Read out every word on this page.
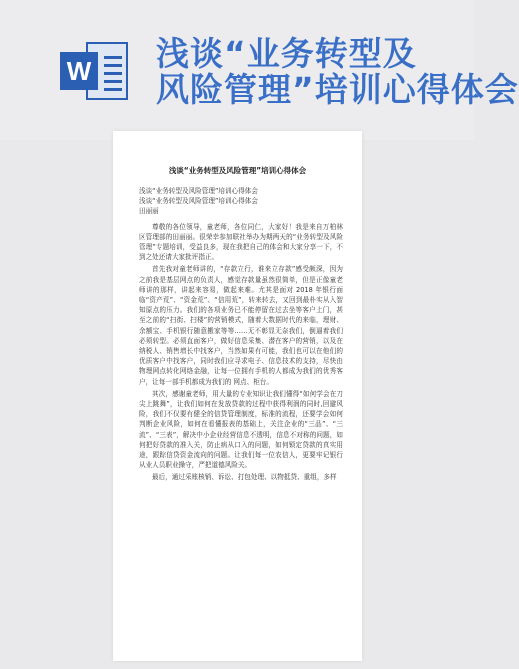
W 浅谈“业务转型及
风险管理”培训心得体会
浅谈“业务转型及风险管理”培训心得体会

浅谈“业务转型及风险管理”培训心得体会

浅谈“业务转型及风险管理”培训心得体会

田丽丽

尊敬的各位领导，童老师，各位同仁，大家好！我是来自万柏林区管理部的田丽丽。很荣幸参加联社举办为期两天的“业务转型及风险管理”专题培训，受益良多，现在我把自己的体会和大家分享一下，不到之处还请大家批评指正。

首先我对童老师讲的，“存款立行，谁来立存款”感受颇深，因为之前我是基层网点的负责人，感觉存款量虽然很简单，但是正像童老师讲的那样，讲起来容易，做起来难。尤其是面对 2018 年银行面临“资产荒”、“资金荒”、“信用荒”，转来转去，又回到最朴实从入智知原点的压力。我们的各项业务已不能停留在过去坐等客户上门，甚至之前的“扫街、扫楼”的营销模式，随着大数据时代的来临，理财、余额宝、手机银行随意搬家等等……无不彰显无奈我们，倒逼着我们必须转型。必须直面客户，做好信息采集、潜在客户的营销，以及在纳税人、销售增长中找客户，当然如果有可能，我们也可以在他们的优质客户中找客户，同时我们应寻求电子、信息技术的支持，尽快由物理网点转化网络金融，让每一位拥有手机的人都成为我们的优秀客户，让每一部手机都成为我们的 网点、柜台。

其次，感谢童老师，用大量的专业知识让我们懂得“如何学会在刀尖上跳舞”，让我们如何在发放贷款的过程中获得利润的同时,回避风险，我们不仅要有健全的信贷管理制度，标准的流程，还要学会如何判断企业风险，如何在看懂报表的基础上，关注企业的“三品”、“三流”、“三表”，解决中小企业经营信息不透明，信息不对称的问题，如何把好贷款的准入关，防止病从口入的问题，如何锁定贷款的真实用途，跟踪信贷资金流向的问题。让我们每一位农信人，更要牢记银行从业人员职业操守，严把道德风险关。

最后，通过采账核销、诉讼、打包处理、以物抵贷、重组，多样
